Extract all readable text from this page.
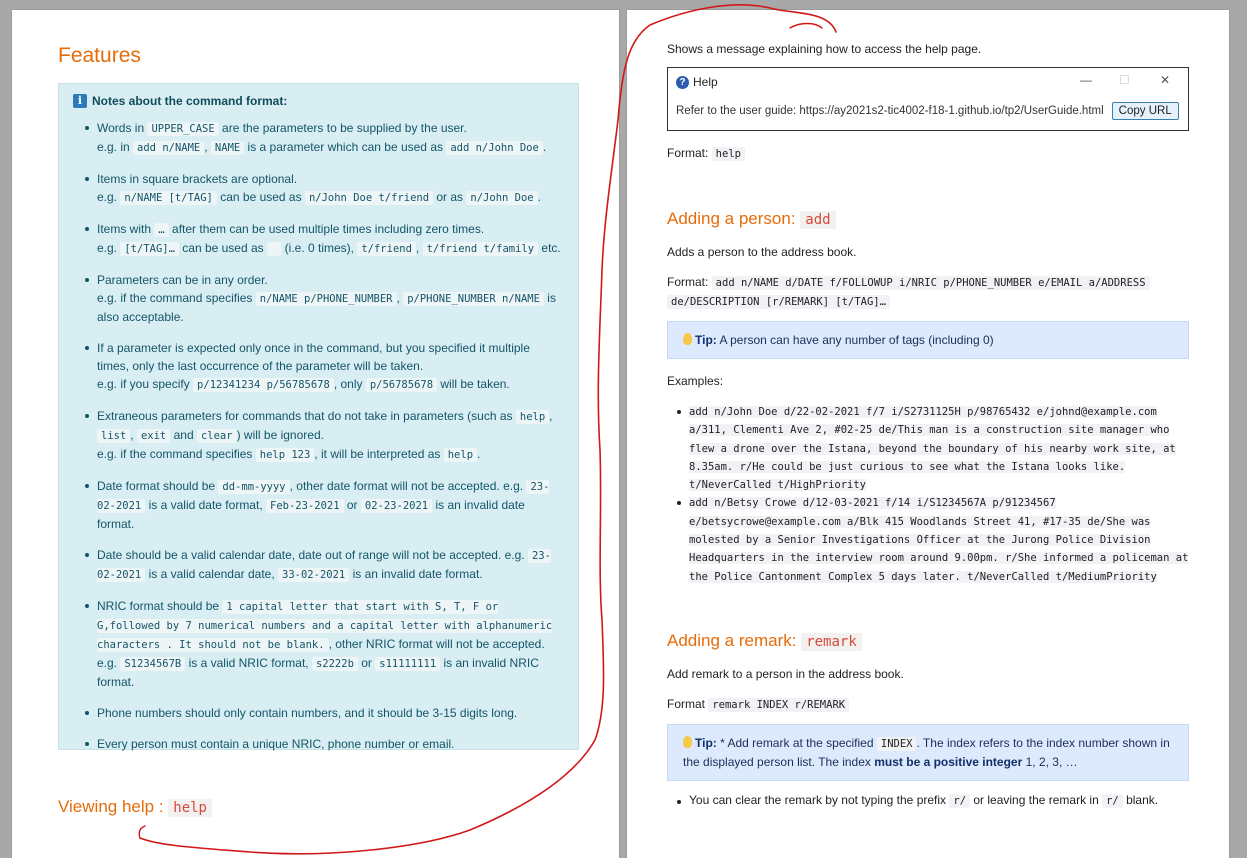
Features
i Notes about the command format:
Words in UPPER_CASE are the parameters to be supplied by the user.
e.g. in add n/NAME , NAME is a parameter which can be used as add n/John Doe .
Items in square brackets are optional.
e.g. n/NAME [t/TAG] can be used as n/John Doe t/friend or as n/John Doe .
Items with … after them can be used multiple times including zero times.
e.g. [t/TAG]… can be used as   (i.e. 0 times), t/friend , t/friend t/family etc.
Parameters can be in any order.
e.g. if the command specifies n/NAME p/PHONE_NUMBER , p/PHONE_NUMBER n/NAME is also acceptable.
If a parameter is expected only once in the command, but you specified it multiple times, only the last occurrence of the parameter will be taken.
e.g. if you specify p/12341234 p/56785678 , only p/56785678 will be taken.
Extraneous parameters for commands that do not take in parameters (such as help , list , exit and clear ) will be ignored.
e.g. if the command specifies help 123 , it will be interpreted as help .
Date format should be dd-mm-yyyy , other date format will not be accepted. e.g. 23-02-2021 is a valid date format, Feb-23-2021 or 02-23-2021 is an invalid date format.
Date should be a valid calendar date, date out of range will not be accepted. e.g. 23-02-2021 is a valid calendar date, 33-02-2021 is an invalid date format.
NRIC format should be 1 capital letter that start with S, T, F or G,followed by 7 numerical numbers and a capital letter with alphanumeric characters . It should not be blank. , other NRIC format will not be accepted. e.g. S1234567B is a valid NRIC format, s2222b or s11111111 is an invalid NRIC format.
Phone numbers should only contain numbers, and it should be 3-15 digits long.
Every person must contain a unique NRIC, phone number or email.
Viewing help : help

Shows a message explaining how to access the help page.

? Help	— ☐	✕
Refer to the user guide: https://ay2021s2-tic4002-f18-1.github.io/tp2/UserGuide.html	Copy URL

Format: help

Adding a person: add

Adds a person to the address book.

Format: add n/NAME d/DATE f/FOLLOWUP i/NRIC p/PHONE_NUMBER e/EMAIL a/ADDRESS
de/DESCRIPTION [r/REMARK] [t/TAG]…

Tip: A person can have any number of tags (including 0)

Examples:

add n/John Doe d/22-02-2021 f/7 i/S2731125H p/98765432 e/johnd@example.com
a/311, Clementi Ave 2, #02-25 de/This man is a construction site manager who
flew a drone over the Istana, beyond the boundary of his nearby work site, at
8.35am. r/He could be just curious to see what the Istana looks like.
t/NeverCalled t/HighPriority
add n/Betsy Crowe d/12-03-2021 f/14 i/S1234567A p/91234567
e/betsycrowe@example.com a/Blk 415 Woodlands Street 41, #17-35 de/She was
molested by a Senior Investigations Officer at the Jurong Police Division
Headquarters in the interview room around 9.00pm. r/She informed a policeman at
the Police Cantonment Complex 5 days later. t/NeverCalled t/MediumPriority
Adding a remark: remark

Add remark to a person in the address book.

Format remark INDEX r/REMARK

Tip: * Add remark at the specified INDEX . The index refers to the index number shown in the displayed person list. The index must be a positive integer 1, 2, 3, …

You can clear the remark by not typing the prefix r/ or leaving the remark in r/ blank.
